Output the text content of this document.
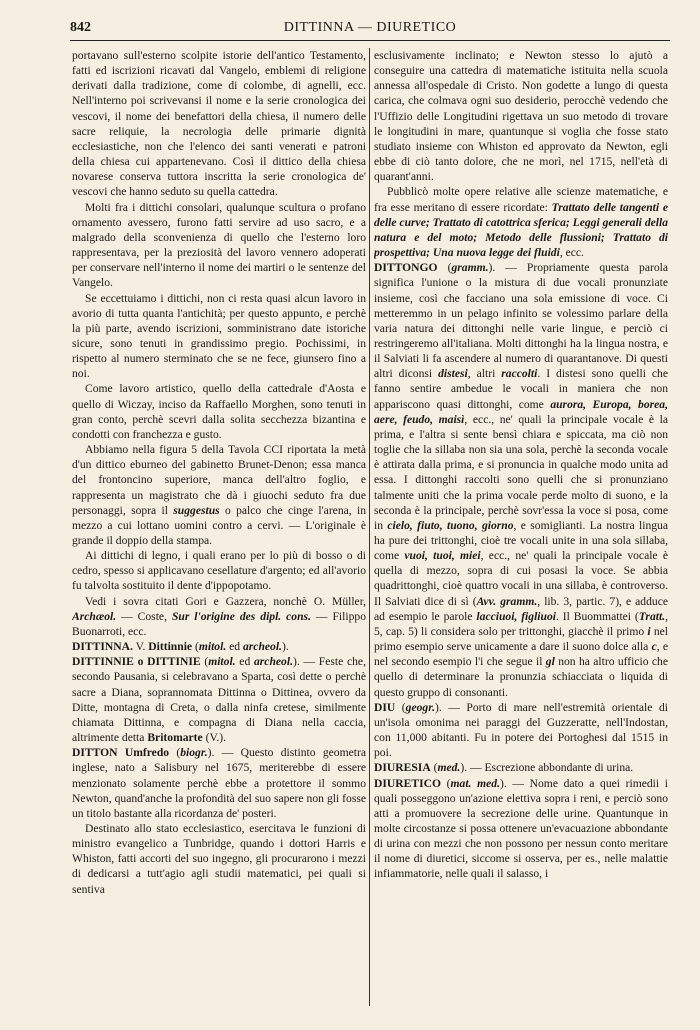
842	DITTINNA — DIURETICO

portavano sull'esterno scolpite istorie dell'antico Testamento, fatti ed iscrizioni ricavati dal Vangelo, emblemi di religione derivati dalla tradizione, come di colombe, di agnelli, ecc. Nell'interno poi scrivevansi il nome e la serie cronologica dei vescovi, il nome dei benefattori della chiesa, il numero delle sacre reliquie, la necrologia delle primarie dignità ecclesiastiche, non che l'elenco dei santi venerati e patroni della chiesa cui appartenevano. Così il dittico della chiesa novarese conserva tuttora inscritta la serie cronologica de' vescovi che hanno seduto su quella cattedra.

Molti fra i dittichi consolari, qualunque scultura o profano ornamento avessero, furono fatti servire ad uso sacro, e a malgrado della sconvenienza di quello che l'esterno loro rappresentava, per la preziosità del lavoro vennero adoperati per conservare nell'interno il nome dei martiri o le sentenze del Vangelo.

Se eccettuiamo i dittichi, non ci resta quasi alcun lavoro in avorio di tutta quanta l'antichità; per questo appunto, e perchè la più parte, avendo iscrizioni, somministrano date istoriche sicure, sono tenuti in grandissimo pregio. Pochissimi, in rispetto al numero sterminato che se ne fece, giunsero fino a noi.

Come lavoro artistico, quello della cattedrale d'Aosta e quello di Wiczay, inciso da Raffaello Morghen, sono tenuti in gran conto, perchè scevri dalla solita secchezza bizantina e condotti con franchezza e gusto.

Abbiamo nella figura 5 della Tavola CCI riportata la metà d'un dittico eburneo del gabinetto Brunet-Denon; essa manca del frontoncino superiore, manca dell'altro foglio, e rappresenta un magistrato che dà i giuochi seduto fra due personaggi, sopra il suggestus o palco che cinge l'arena, in mezzo a cui lottano uomini contro a cervi. — L'originale è grande il doppio della stampa.

Ai dittichi di legno, i quali erano per lo più di bosso o di cedro, spesso si applicavano cesellature d'argento; ed all'avorio fu talvolta sostituito il dente d'ippopotamo.

Vedi i sovra citati Gori e Gazzera, nonchè O. Müller, Archæol. — Coste, Sur l'origine des dipl. cons. — Filippo Buonarroti, ecc.

DITTINNA. V. Dittinnie (mitol. ed archeol.).

DITTINNIE o DITTINIE (mitol. ed archeol.). — Feste che, secondo Pausania, si celebravano a Sparta, così dette o perchè sacre a Diana, soprannomata Dittinna o Dittinea, ovvero da Ditte, montagna di Creta, o dalla ninfa cretese, similmente chiamata Dittinna, e compagna di Diana nella caccia, altrimente detta Britomarte (V.).

DITTON Umfredo (biogr.). — Questo distinto geometra inglese, nato a Salisbury nel 1675, meriterebbe di essere menzionato solamente perchè ebbe a protettore il sommo Newton, quand'anche la profondità del suo sapere non gli fosse un titolo bastante alla ricordanza de' posteri.

Destinato allo stato ecclesiastico, esercitava le funzioni di ministro evangelico a Tunbridge, quando i dottori Harris e Whiston, fatti accorti del suo ingegno, gli procurarono i mezzi di dedicarsi a tutt'agio agli studii matematici, pei quali si sentiva

esclusivamente inclinato; e Newton stesso lo ajutò a conseguire una cattedra di matematiche istituita nella scuola annessa all'ospedale di Cristo. Non godette a lungo di questa carica, che colmava ogni suo desiderio, perocchè vedendo che l'Uffizio delle Longitudini rigettava un suo metodo di trovare le longitudini in mare, quantunque si voglia che fosse stato studiato insieme con Whiston ed approvato da Newton, egli ebbe di ciò tanto dolore, che ne morì, nel 1715, nell'età di quarant'anni.

Pubblicò molte opere relative alle scienze matematiche, e fra esse meritano di essere ricordate: Trattato delle tangenti e delle curve; Trattato di catottrica sferica; Leggi generali della natura e del moto; Metodo delle flussioni; Trattato di prospettiva; Una nuova legge dei fluidi, ecc.

DITTONGO (gramm.). — Propriamente questa parola significa l'unione o la mistura di due vocali pronunziate insieme, così che facciano una sola emissione di voce. Ci metteremmo in un pelago infinito se volessimo parlare della varia natura dei dittonghi nelle varie lingue, e perciò ci restringeremo all'italiana. Molti dittonghi ha la lingua nostra, e il Salviati li fa ascendere al numero di quarantanove. Di questi altri diconsi distesi, altri raccolti. I distesi sono quelli che fanno sentire ambedue le vocali in maniera che non appariscono quasi dittonghi, come aurora, Europa, borea, aere, feudo, maisì, ecc., ne' quali la principale vocale è la prima, e l'altra si sente bensì chiara e spiccata, ma ciò non toglie che la sillaba non sia una sola, perchè la seconda vocale è attirata dalla prima, e si pronuncia in qualche modo unita ad essa. I dittonghi raccolti sono quelli che si pronunziano talmente uniti che la prima vocale perde molto di suono, e la seconda è la principale, perchè sovr'essa la voce si posa, come in cielo, fiuto, tuono, giorno, e somiglianti. La nostra lingua ha pure dei trittonghi, cioè tre vocali unite in una sola sillaba, come vuoi, tuoi, miei, ecc., ne' quali la principale vocale è quella di mezzo, sopra di cui posasi la voce. Se abbia quadrittonghi, cioè quattro vocali in una sillaba, è controverso. Il Salviati dice di sì (Avv. gramm., lib. 3, partic. 7), e adduce ad esempio le parole lacciuoi, figliuoi. Il Buommattei (Tratt., 5, cap. 5) li considera solo per trittonghi, giacchè il primo i nel primo esempio serve unicamente a dare il suono dolce alla c, e nel secondo esempio l'i che segue il gl non ha altro ufficio che quello di determinare la pronunzia schiacciata o liquida di questo gruppo di consonanti.

DIU (geogr.). — Porto di mare nell'estremità orientale di un'isola omonima nei paraggi del Guzzeratte, nell'Indostan, con 11,000 abitanti. Fu in potere dei Portoghesi dal 1515 in poi.

DIURESIA (med.). — Escrezione abbondante di urina.

DIURETICO (mat. med.). — Nome dato a quei rimedii i quali posseggono un'azione elettiva sopra i reni, e perciò sono atti a promuovere la secrezione delle urine. Quantunque in molte circostanze si possa ottenere un'evacuazione abbondante di urina con mezzi che non possono per nessun conto meritare il nome di diuretici, siccome si osserva, per es., nelle malattie infiammatorie, nelle quali il salasso, i
